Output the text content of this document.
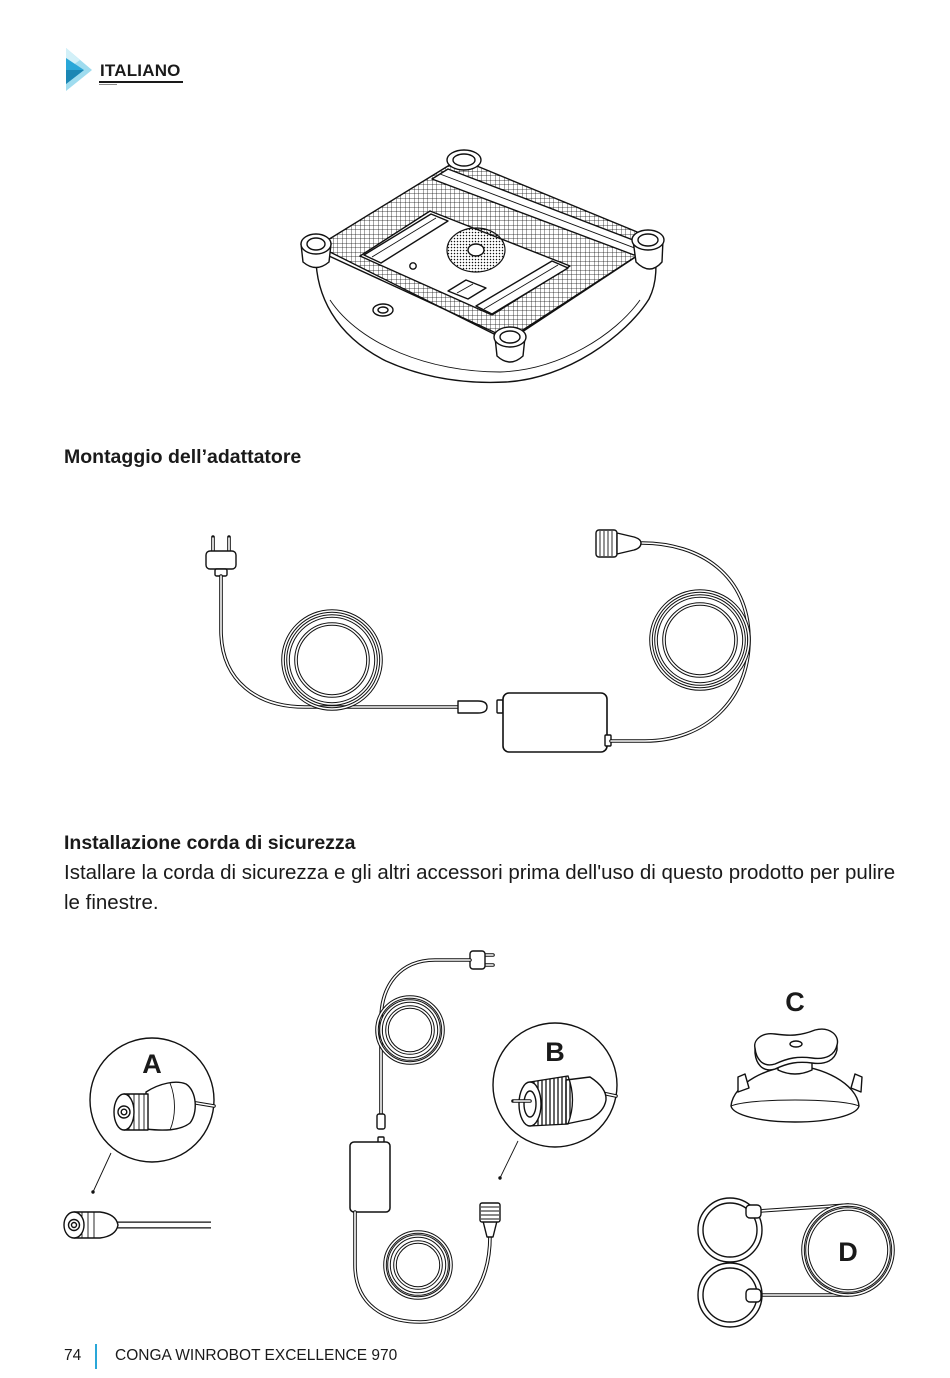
ITALIANO
Montaggio dell’adattatore
Installazione corda di sicurezza
Istallare la corda di sicurezza e gli altri accessori prima dell'uso di questo prodotto per pulire le finestre.
A	B
C
D
74 CONGA WINROBOT EXCELLENCE 970
